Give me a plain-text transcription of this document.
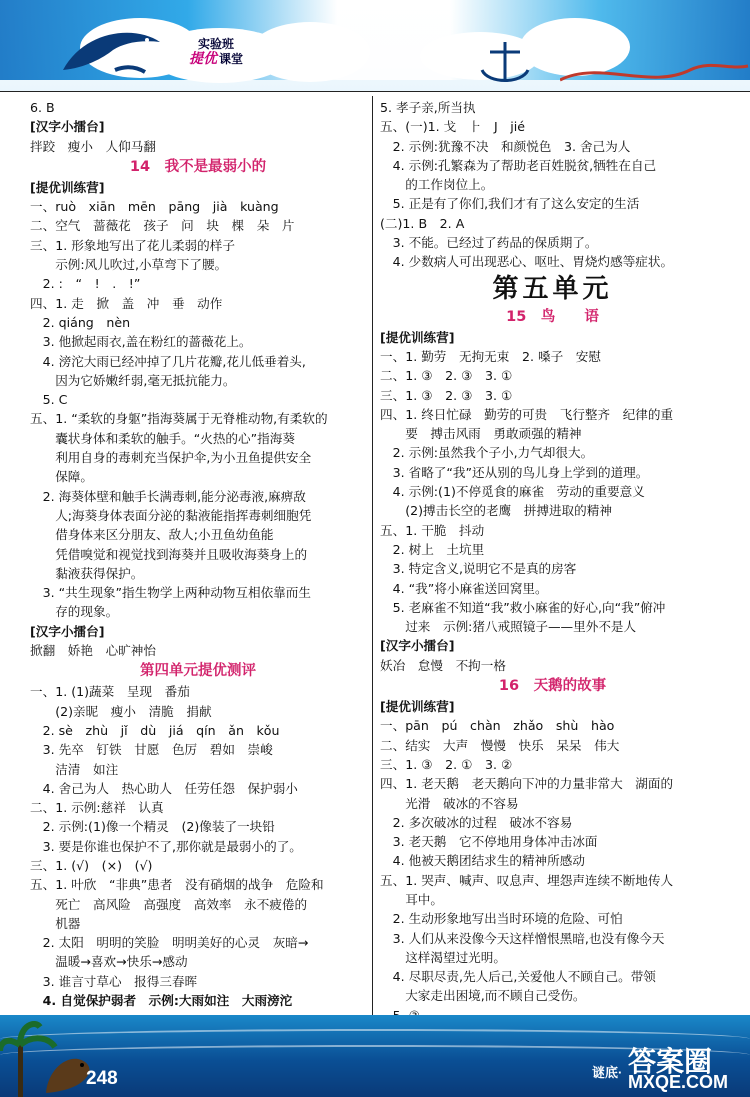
实验班
提优 课堂
6. B
[汉字小擂台]
拌跤　瘦小　人仰马翻
14　我不是最弱小的
[提优训练营]
一、ruò　xiān　mēn　pāng　jià　kuàng
二、空气　蔷薇花　孩子　问　块　棵　朵　片
三、1. 形象地写出了花儿柔弱的样子
　　示例:风儿吹过,小草弯下了腰。
　2. :　“　!　.　!”
四、1. 走　掀　盖　冲　垂　动作
　2. qiáng　nèn
　3. 他掀起雨衣,盖在粉红的蔷薇花上。
　4. 滂沱大雨已经冲掉了几片花瓣,花儿低垂着头,
　　因为它娇嫩纤弱,毫无抵抗能力。
　5. C
五、1. “柔软的身躯”指海葵属于无脊椎动物,有柔软的
　　囊状身体和柔软的触手。“火热的心”指海葵
　　利用自身的毒刺充当保护伞,为小丑鱼提供安全
　　保障。
　2. 海葵体壁和触手长满毒刺,能分泌毒液,麻痹敌
　　人;海葵身体表面分泌的黏液能指挥毒刺细胞凭
　　借身体来区分朋友、敌人;小丑鱼幼鱼能
　　凭借嗅觉和视觉找到海葵并且吸收海葵身上的
　　黏液获得保护。
　3. “共生现象”指生物学上两种动物互相依靠而生
　　存的现象。
[汉字小擂台]
掀翻　娇艳　心旷神怡
第四单元提优测评
一、1. (1)蔬菜　呈现　番茄
　　(2)亲昵　瘦小　清脆　捐献
　2. sè　zhù　jǐ　dù　jiá　qín　ǎn　kǒu
　3. 先卒　钉铁　甘愿　色厉　碧如　崇峻
　　洁清　如注
　4. 舍己为人　热心助人　任劳任怨　保护弱小
二、1. 示例:慈祥　认真
　2. 示例:(1)像一个精灵　(2)像装了一块铅
　3. 要是你谁也保护不了,那你就是最弱小的了。
三、1. (√)　(×)　(√)
五、1. 叶欣　“非典”患者　没有硝烟的战争　危险和
　　死亡　高风险　高强度　高效率　永不疲倦的
　　机器
　2. 太阳　明明的笑脸　明明美好的心灵　灰暗→
　　温暖→喜欢→快乐→感动
　3. 谁言寸草心　报得三春晖
　4. 自觉保护弱者　示例:大雨如注　大雨滂沱
5. 孝子亲,所当执
五、(一)1. 戈　⺊　J　jié
　2. 示例:犹豫不决　和颜悦色　3. 舍己为人
　4. 示例:孔繁森为了帮助老百姓脱贫,牺牲在自己
　　的工作岗位上。
　5. 正是有了你们,我们才有了这么安定的生活
(二)1. B　2. A
　3. 不能。已经过了药品的保质期了。
　4. 少数病人可出现恶心、呕吐、胃烧灼感等症状。
第五单元
15　鸟　　语
[提优训练营]
一、1. 勤劳　无拘无束　2. 嗓子　安慰
二、1. ③　2. ③　3. ①
三、1. ③　2. ③　3. ①
四、1. 终日忙碌　勤劳的可贵　飞行整齐　纪律的重
　　要　搏击风雨　勇敢顽强的精神
　2. 示例:虽然我个子小,力气却很大。
　3. 省略了“我”还从别的鸟儿身上学到的道理。
　4. 示例:(1)不停觅食的麻雀　劳动的重要意义
　　(2)搏击长空的老鹰　拼搏进取的精神
五、1. 干脆　抖动
　2. 树上　土坑里
　3. 特定含义,说明它不是真的房客
　4. “我”将小麻雀送回窝里。
　5. 老麻雀不知道“我”救小麻雀的好心,向“我”俯冲
　　过来　示例:猪八戒照镜子——里外不是人
[汉字小擂台]
妖冶　怠慢　不拘一格
16　天鹅的故事
[提优训练营]
一、pān　pú　chàn　zhǎo　shù　hào
二、结实　大声　慢慢　快乐　呆呆　伟大
三、1. ③　2. ①　3. ②
四、1. 老天鹅　老天鹅向下冲的力量非常大　湖面的
　　光滑　破冰的不容易
　2. 多次破冰的过程　破冰不容易
　3. 老天鹅　它不停地用身体冲击冰面
　4. 他被天鹅团结求生的精神所感动
五、1. 哭声、喊声、叹息声、埋怨声连续不断地传人
　　耳中。
　2. 生动形象地写出当时环境的危险、可怕
　3. 人们从来没像今天这样憎恨黑暗,也没有像今天
　　这样渴望过光明。
　4. 尽职尽责,先人后己,关爱他人不顾自己。带领
　　大家走出困境,而不顾自己受伤。
248	谜底· 答案圈
MXQE.COM
